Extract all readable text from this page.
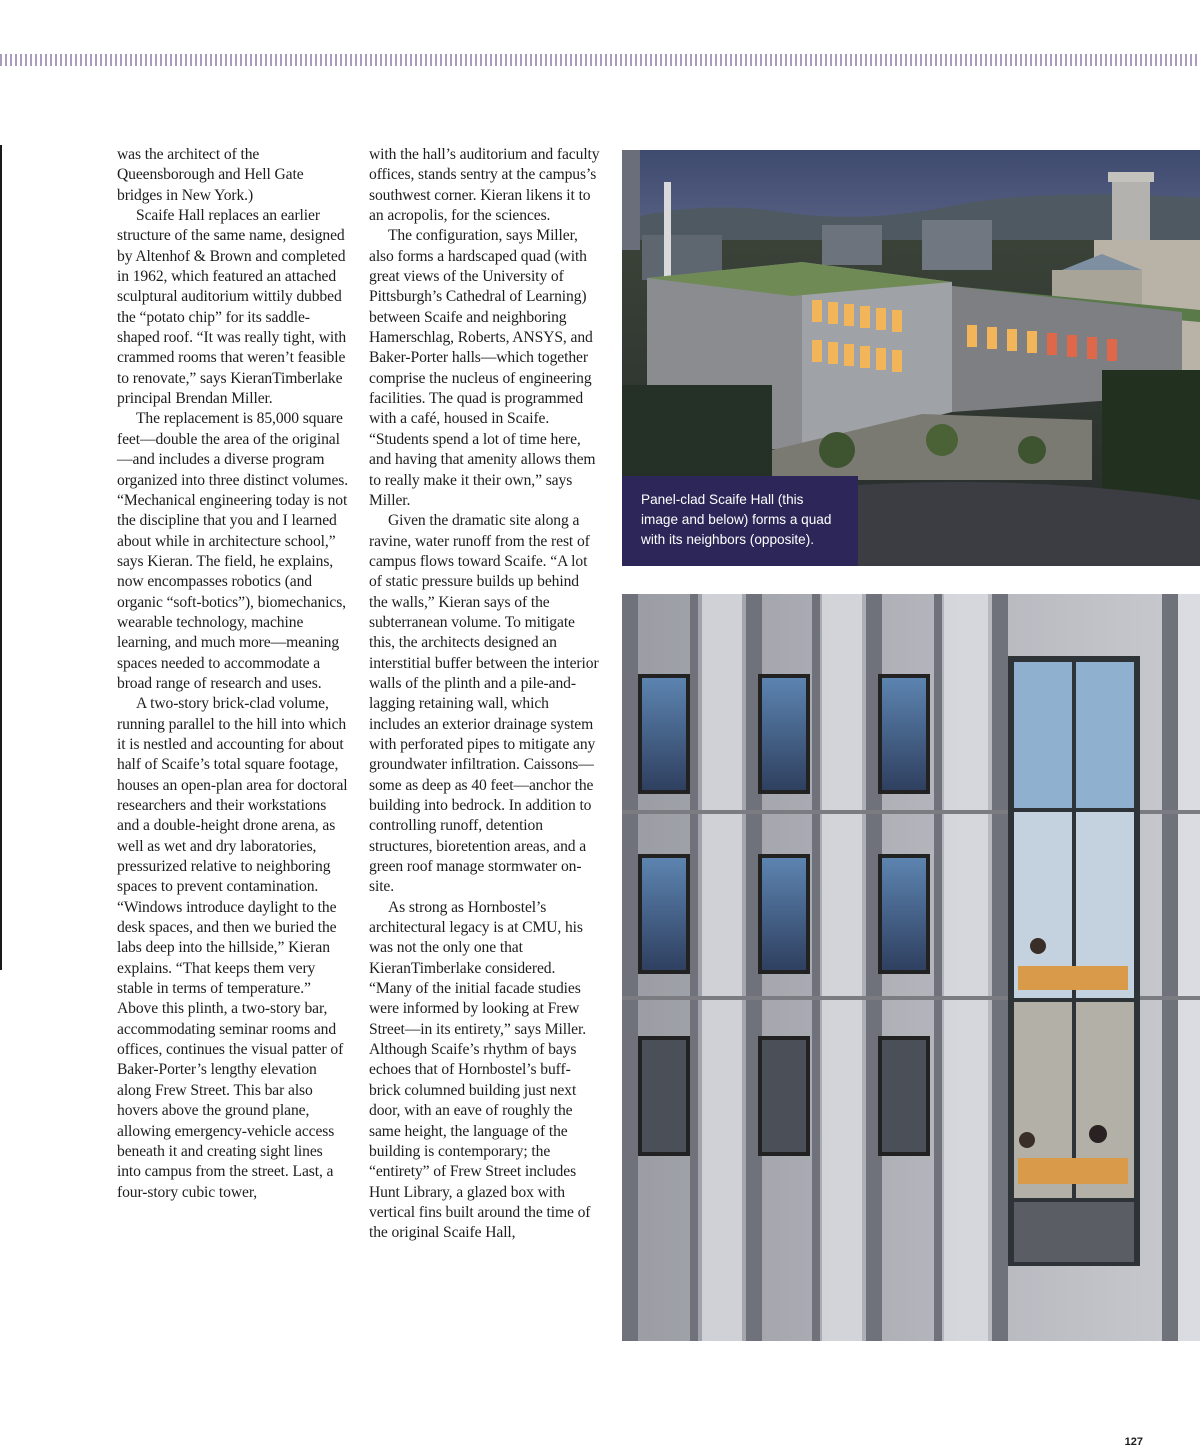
was the architect of the Queensborough and Hell Gate bridges in New York.)

Scaife Hall replaces an earlier structure of the same name, designed by Altenhof & Brown and completed in 1962, which featured an attached sculptural auditorium wittily dubbed the “potato chip” for its saddle-shaped roof. “It was really tight, with crammed rooms that weren’t feasible to renovate,” says KieranTimberlake principal Brendan Miller.

The replacement is 85,000 square feet—double the area of the original—and includes a diverse program organized into three distinct volumes. “Mechanical engineering today is not the discipline that you and I learned about while in architecture school,” says Kieran. The field, he explains, now encompasses robotics (and organic “soft-botics”), biomechanics, wearable technology, machine learning, and much more—meaning spaces needed to accommodate a broad range of research and uses.

A two-story brick-clad volume, running parallel to the hill into which it is nestled and accounting for about half of Scaife’s total square footage, houses an open-plan area for doctoral researchers and their workstations and a double-height drone arena, as well as wet and dry laboratories, pressurized relative to neighboring spaces to prevent contamination. “Windows introduce daylight to the desk spaces, and then we buried the labs deep into the hillside,” Kieran explains. “That keeps them very stable in terms of temperature.” Above this plinth, a two-story bar, accommodating seminar rooms and offices, continues the visual patter of Baker-Porter’s lengthy elevation along Frew Street. This bar also hovers above the ground plane, allowing emergency-vehicle access beneath it and creating sight lines into campus from the street. Last, a four-story cubic tower,

with the hall’s auditorium and faculty offices, stands sentry at the campus’s southwest corner. Kieran likens it to an acropolis, for the sciences.

The configuration, says Miller, also forms a hardscaped quad (with great views of the University of Pittsburgh’s Cathedral of Learning) between Scaife and neighboring Hamerschlag, Roberts, ANSYS, and Baker-Porter halls—which together comprise the nucleus of engineering facilities. The quad is programmed with a café, housed in Scaife. “Students spend a lot of time here, and having that amenity allows them to really make it their own,” says Miller.

Given the dramatic site along a ravine, water runoff from the rest of campus flows toward Scaife. “A lot of static pressure builds up behind the walls,” Kieran says of the subterranean volume. To mitigate this, the architects designed an interstitial buffer between the interior walls of the plinth and a pile-and-lagging retaining wall, which includes an exterior drainage system with perforated pipes to mitigate any groundwater infiltration. Caissons—some as deep as 40 feet—anchor the building into bedrock. In addition to controlling runoff, detention structures, bioretention areas, and a green roof manage stormwater on-site.

As strong as Hornbostel’s architectural legacy is at CMU, his was not the only one that KieranTimberlake considered. “Many of the initial facade studies were informed by looking at Frew Street—in its entirety,” says Miller. Although Scaife’s rhythm of bays echoes that of Hornbostel’s buff-brick columned building just next door, with an eave of roughly the same height, the language of the building is contemporary; the “entirety” of Frew Street includes Hunt Library, a glazed box with vertical fins built around the time of the original Scaife Hall,

Panel-clad Scaife Hall (this image and below) forms a quad with its neighbors (opposite).
127
